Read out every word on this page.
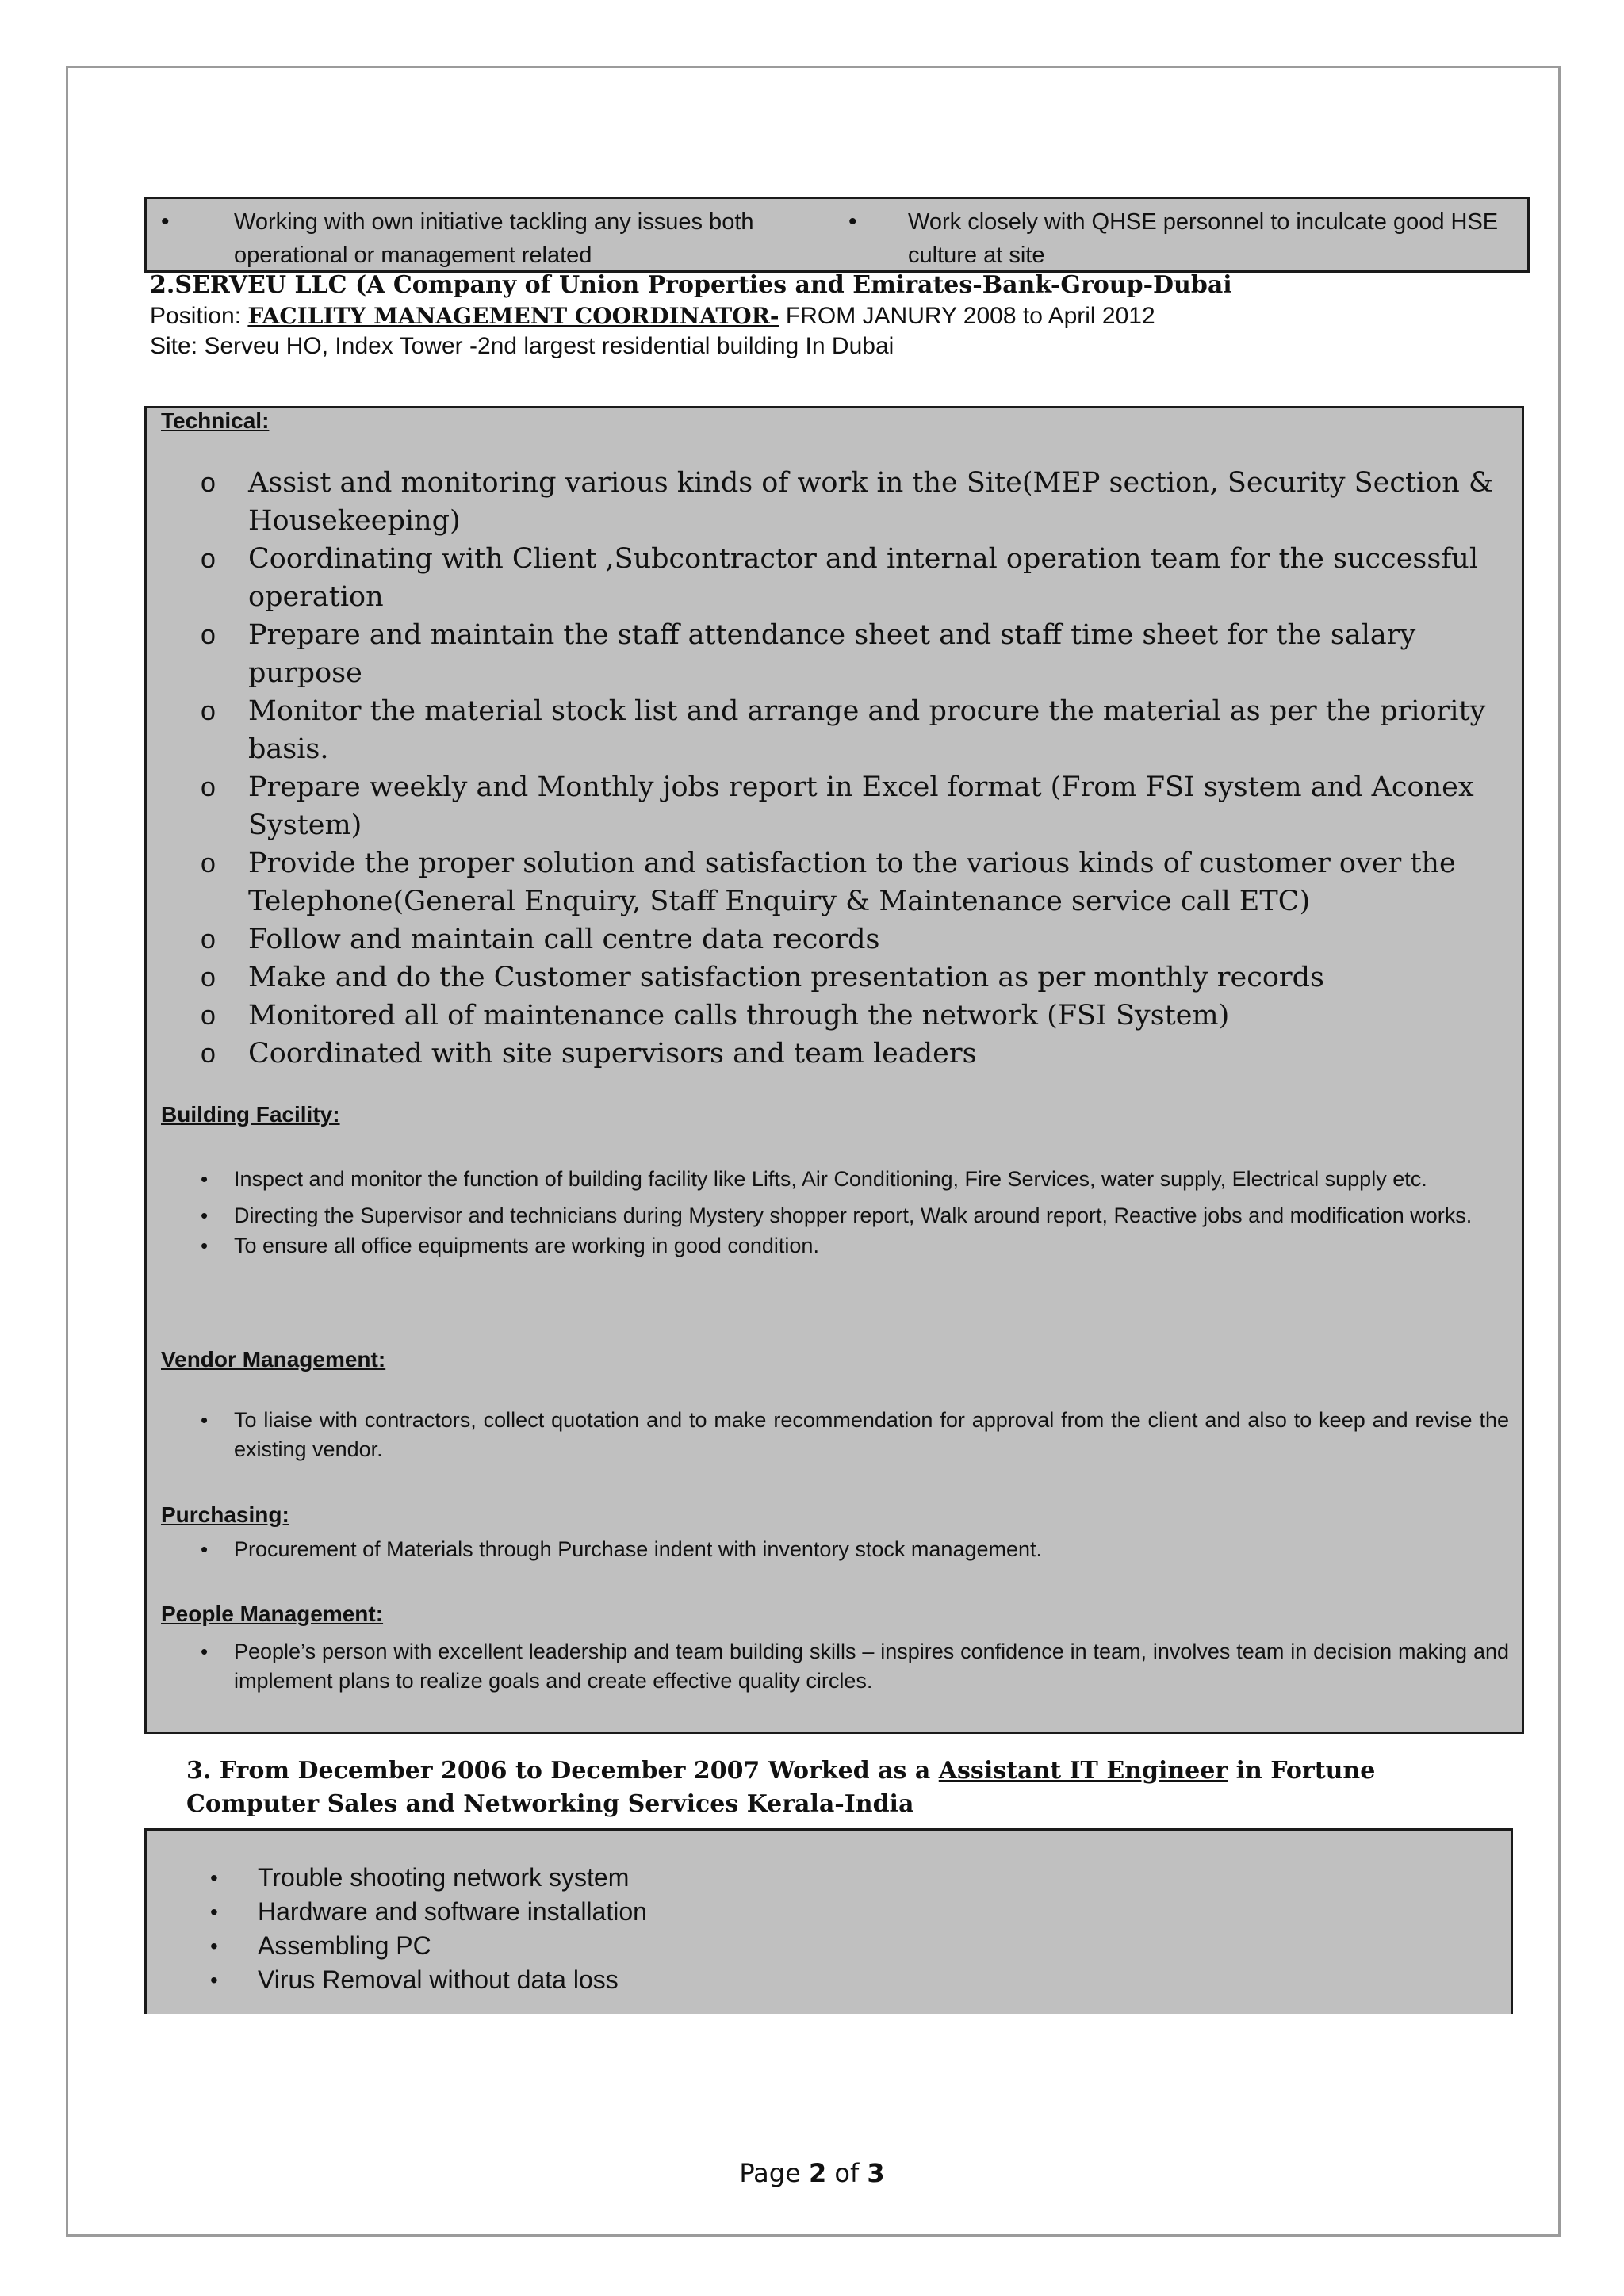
•	Working with own initiative tackling any issues both operational or management related
• Work closely with QHSE personnel to inculcate good HSE culture at site
2.SERVEU LLC (A Company of Union Properties and Emirates-Bank-Group-Dubai
Position: FACILITY MANAGEMENT COORDINATOR- FROM JANURY 2008 to April 2012
Site: Serveu HO, Index Tower -2nd largest residential building In Dubai
Technical:
o Assist and monitoring various kinds of work in the Site(MEP section, Security Section & Housekeeping)
o Coordinating with Client ,Subcontractor and internal operation team for the successful operation
o Prepare and maintain the staff attendance sheet and staff time sheet for the salary purpose
o Monitor the material stock list and arrange and procure the material as per the priority basis.
o Prepare weekly and Monthly jobs report in Excel format (From FSI system and Aconex System)
o Provide the proper solution and satisfaction to the various kinds of customer over the Telephone(General Enquiry, Staff Enquiry & Maintenance service call ETC)
o Follow and maintain call centre data records
o Make and do the Customer satisfaction presentation as per monthly records
o Monitored all of maintenance calls through the network (FSI System)
o Coordinated with site supervisors and team leaders
Building Facility:
• Inspect and monitor the function of building facility like Lifts, Air Conditioning, Fire Services, water supply, Electrical supply etc.
• Directing the Supervisor and technicians during Mystery shopper report, Walk around report, Reactive jobs and modification works.
• To ensure all office equipments are working in good condition.
Vendor Management:
• To liaise with contractors, collect quotation and to make recommendation for approval from the client and also to keep and revise the existing vendor.
Purchasing:
• Procurement of Materials through Purchase indent with inventory stock management.
People Management:
• People’s person with excellent leadership and team building skills – inspires confidence in team, involves team in decision making and implement plans to realize goals and create effective quality circles.
3. From December 2006 to December 2007 Worked as a Assistant IT Engineer in Fortune Computer Sales and Networking Services Kerala-India
• Trouble shooting network system
• Hardware and software installation
• Assembling PC
• Virus Removal without data loss
Page 2 of 3
